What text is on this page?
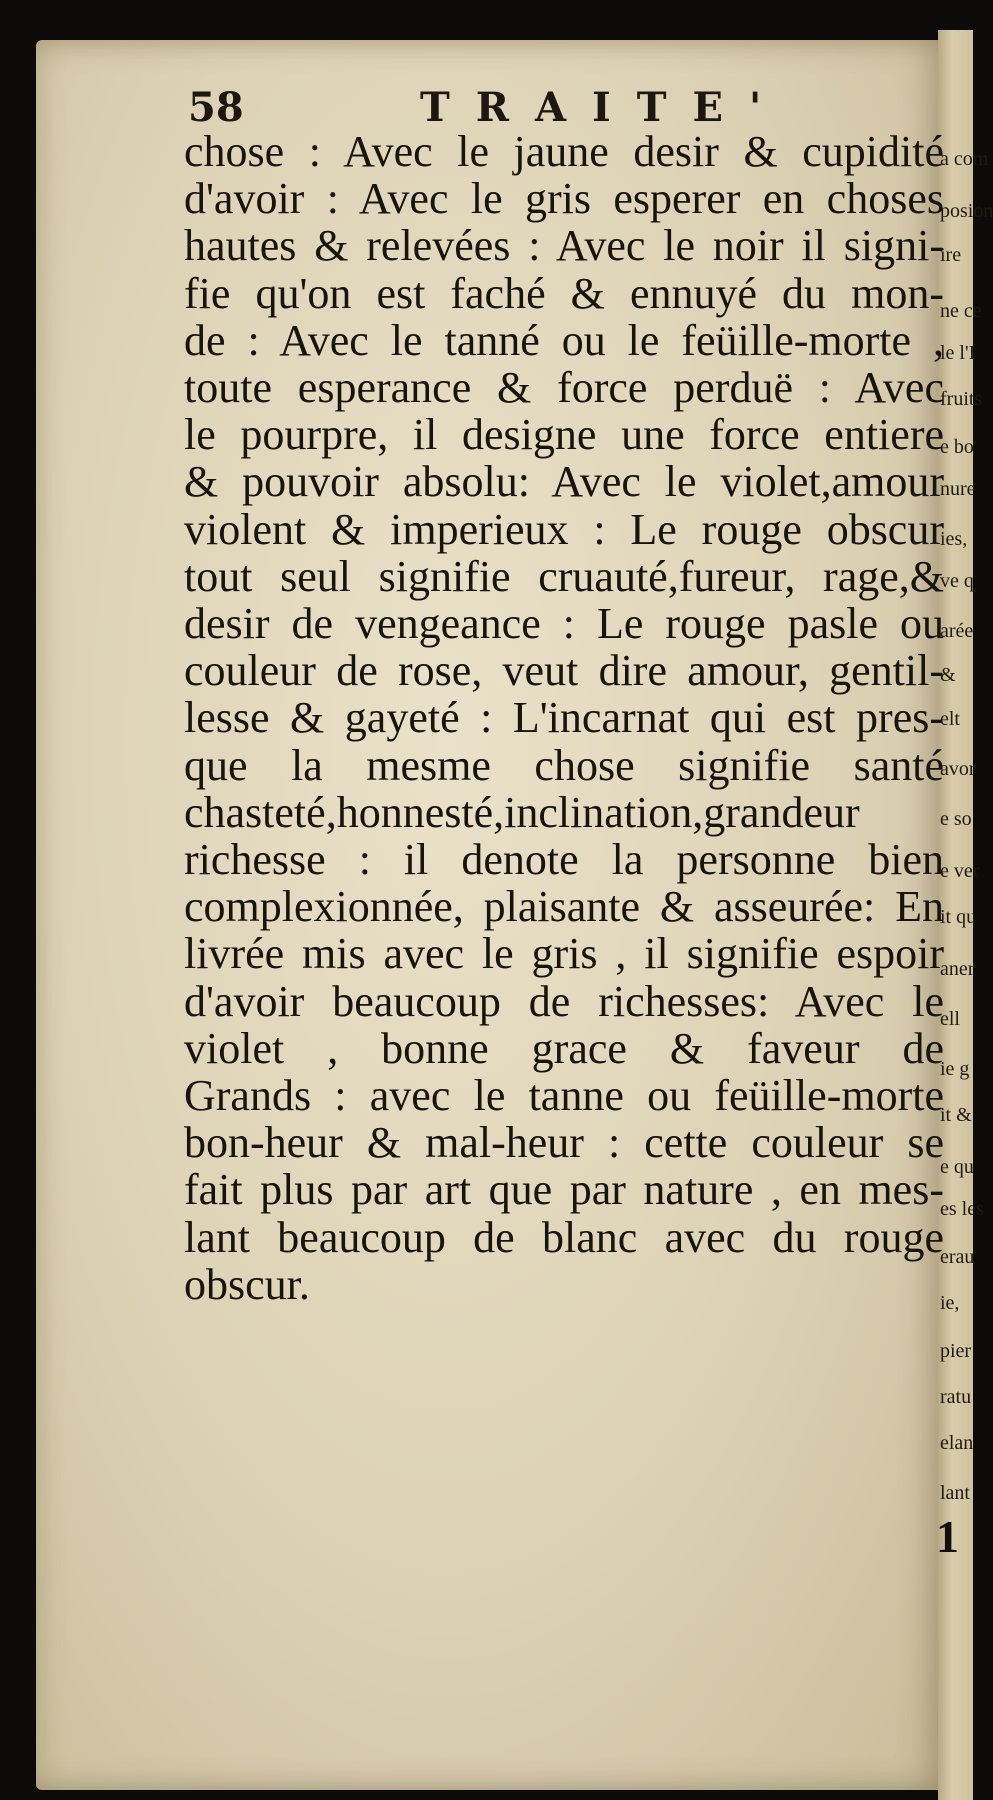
58	TRAITE'
chose : Avec le jaune desir & cupidité
d'avoir : Avec le gris esperer en choses
hautes & relevées : Avec le noir il signi-
fie qu'on est faché & ennuyé du mon-
de : Avec le tanné ou le feüille-morte ,
toute esperance & force perduë : Avec
le pourpre, il designe une force entiere
& pouvoir absolu: Avec le violet,amour
violent & imperieux : Le rouge obscur
tout seul signifie cruauté,fureur, rage,&
desir de vengeance : Le rouge pasle ou
couleur de rose, veut dire amour, gentil-
lesse & gayeté : L'incarnat qui est pres-
que la mesme chose signifie santé
chasteté,honnesté,inclination,grandeur
richesse : il denote la personne bien
complexionnée, plaisante & asseurée: En
livrée mis avec le gris , il signifie espoir
d'avoir beaucoup de richesses: Avec le
violet , bonne grace & faveur de
Grands : avec le tanne ou feüille-morte
bon-heur & mal-heur : cette couleur se
fait plus par art que par nature , en mes-
lant beaucoup de blanc avec du rouge
obscur.
a com
posion
ire
ne ce
le l'I
fruits
e bo
nure
ies,
ve q
arée
&
elt
avor
e so
e ver
it qu
aner
ell
ie g
it &
e qu
es les
erau
ie,
pier
ratu
elan
lant
1
